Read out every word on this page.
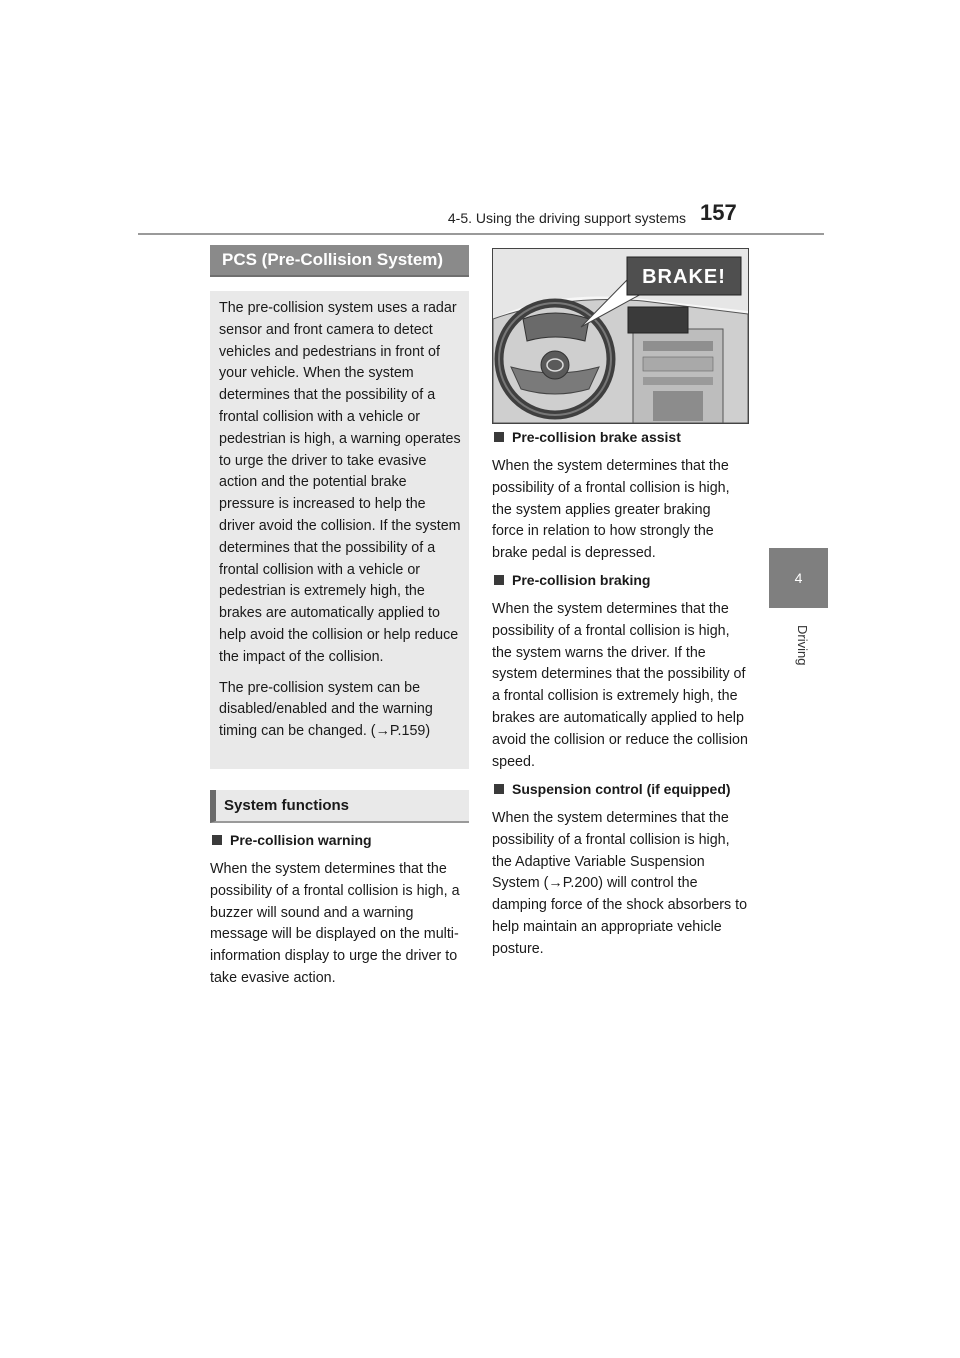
4-5. Using the driving support systems 157
4
Driving
PCS (Pre-Collision System)

The pre-collision system uses a radar sensor and front camera to detect vehicles and pedestrians in front of your vehicle. When the system determines that the possibility of a frontal collision with a vehicle or pedestrian is high, a warning operates to urge the driver to take evasive action and the potential brake pressure is increased to help the driver avoid the collision. If the system determines that the possibility of a frontal collision with a vehicle or pedestrian is extremely high, the brakes are automatically applied to help avoid the collision or help reduce the impact of the collision.

The pre-collision system can be disabled/enabled and the warning timing can be changed. (→P.159)

System functions
Pre-collision warning

When the system determines that the possibility of a frontal collision is high, a buzzer will sound and a warning message will be displayed on the multi-information display to urge the driver to take evasive action.

BRAKE!
Pre-collision brake assist

When the system determines that the possibility of a frontal collision is high, the system applies greater braking force in relation to how strongly the brake pedal is depressed.

Pre-collision braking

When the system determines that the possibility of a frontal collision is high, the system warns the driver. If the system determines that the possibility of a frontal collision is extremely high, the brakes are automatically applied to help avoid the collision or reduce the collision speed.

Suspension control (if equipped)

When the system determines that the possibility of a frontal collision is high, the Adaptive Variable Suspension System (→P.200) will control the damping force of the shock absorbers to help maintain an appropriate vehicle posture.
